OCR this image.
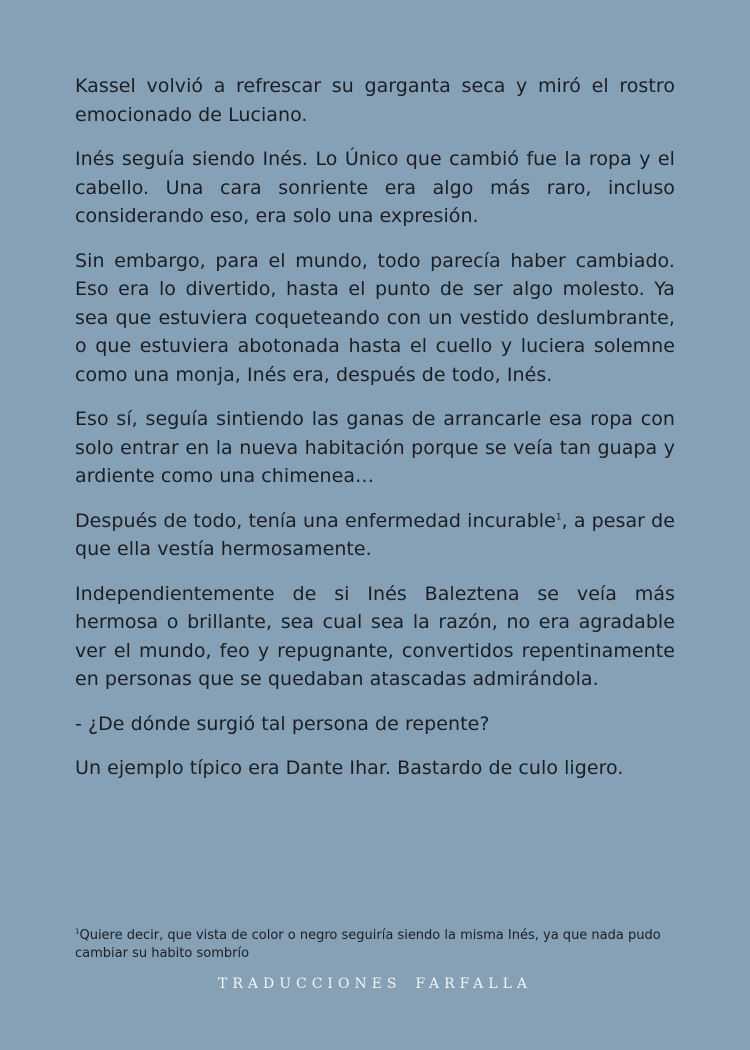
Kassel volvió a refrescar su garganta seca y miró el rostro emocionado de Luciano.

Inés seguía siendo Inés. Lo Único que cambió fue la ropa y el cabello. Una cara sonriente era algo más raro, incluso considerando eso, era solo una expresión.

Sin embargo, para el mundo, todo parecía haber cambiado. Eso era lo divertido, hasta el punto de ser algo molesto. Ya sea que estuviera coqueteando con un vestido deslumbrante, o que estuviera abotonada hasta el cuello y luciera solemne como una monja, Inés era, después de todo, Inés.

Eso sí, seguía sintiendo las ganas de arrancarle esa ropa con solo entrar en la nueva habitación porque se veía tan guapa y ardiente como una chimenea…

Después de todo, tenía una enfermedad incurable$^1$, a pesar de que ella vestía hermosamente.

Independientemente de si Inés Baleztena se veía más hermosa o brillante, sea cual sea la razón, no era agradable ver el mundo, feo y repugnante, convertidos repentinamente en personas que se quedaban atascadas admirándola.

- ¿De dónde surgió tal persona de repente?

Un ejemplo típico era Dante Ihar. Bastardo de culo ligero.

$^1$Quiere decir, que vista de color o negro seguiría siendo la misma Inés, ya que nada pudo cambiar su habito sombrío
TRADUCCIONES FARFALLA
